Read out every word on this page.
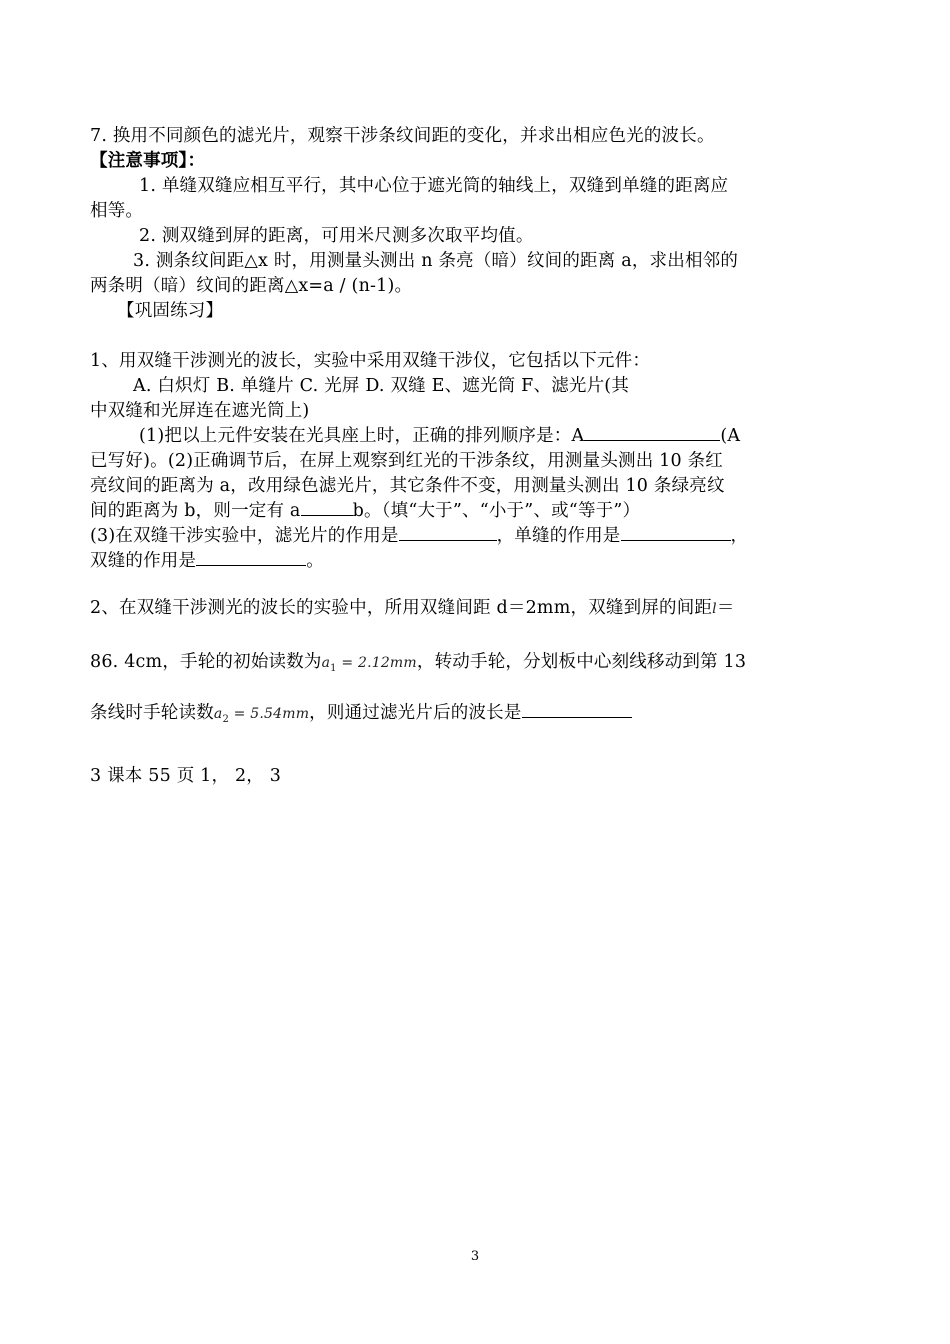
7. 换用不同颜色的滤光片，观察干涉条纹间距的变化，并求出相应色光的波长。
【注意事项】：
1. 单缝双缝应相互平行，其中心位于遮光筒的轴线上，双缝到单缝的距离应
相等。
2. 测双缝到屏的距离，可用米尺测多次取平均值。
3. 测条纹间距△x 时，用测量头测出 n 条亮（暗）纹间的距离 a，求出相邻的
两条明（暗）纹间的距离△x=a / (n-1)。
【巩固练习】
1、用双缝干涉测光的波长，实验中采用双缝干涉仪，它包括以下元件：
A. 白炽灯 B. 单缝片 C. 光屏 D. 双缝 E、遮光筒 F、滤光片(其
中双缝和光屏连在遮光筒上)
(1)把以上元件安装在光具座上时，正确的排列顺序是：A	(A
已写好)。(2)正确调节后，在屏上观察到红光的干涉条纹，用测量头测出 10 条红
亮纹间的距离为 a，改用绿色滤光片，其它条件不变，用测量头测出 10 条绿亮纹
间的距离为 b，则一定有 a	b。（填“大于”、“小于”、或“等于”）
(3)在双缝干涉实验中，滤光片的作用是	，单缝的作用是	，
双缝的作用是	。
2、在双缝干涉测光的波长的实验中，所用双缝间距 d＝2mm，双缝到屏的间距l＝
86. 4cm，手轮的初始读数为$a_1 = 2.12mm$，转动手轮，分划板中心刻线移动到第 13
条线时手轮读数$a_2 = 5.54mm$，则通过滤光片后的波长是
3 课本 55 页 1， 2， 3
3
